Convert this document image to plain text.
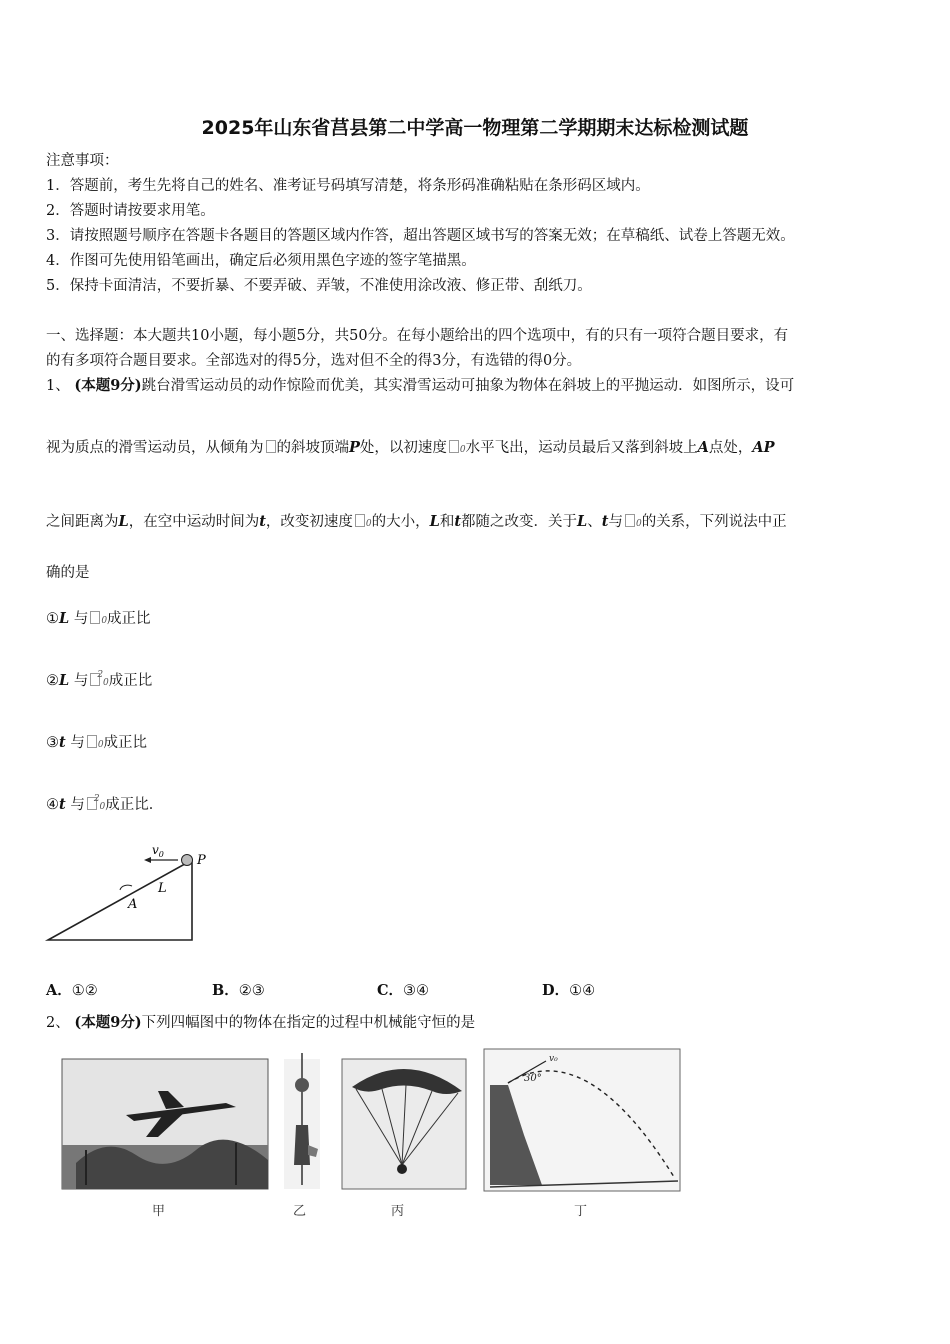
2025年山东省莒县第二中学高一物理第二学期期末达标检测试题
注意事项：
1．答题前，考生先将自己的姓名、准考证号码填写清楚，将条形码准确粘贴在条形码区域内。
2．答题时请按要求用笔。
3．请按照题号顺序在答题卡各题目的答题区域内作答，超出答题区域书写的答案无效；在草稿纸、试卷上答题无效。
4．作图可先使用铅笔画出，确定后必须用黑色字迹的签字笔描黑。
5．保持卡面清洁，不要折暴、不要弄破、弄皱，不准使用涂改液、修正带、刮纸刀。
一、选择题：本大题共10小题，每小题5分，共50分。在每小题给出的四个选项中，有的只有一项符合题目要求，有
的有多项符合题目要求。全部选对的得5分，选对但不全的得3分，有选错的得0分。
1、 (本题9分)跳台滑雪运动员的动作惊险而优美，其实滑雪运动可抽象为物体在斜坡上的平抛运动．如图所示，设可
视为质点的滑雪运动员，从倾角为 的斜坡顶端P处，以初速度 0水平飞出，运动员最后又落到斜坡上A点处，AP
之间距离为L，在空中运动时间为t，改变初速度 0的大小，L和t都随之改变．关于L、t与 0的关系，下列说法中正
确的是
①L 与 0成正比
②L 与 $^2$0成正比
③t 与 0成正比
④t 与 $^2$0成正比．
$v_0$	P
L
A
A．①②	B．②③	C．③④	D．①④
2、 (本题9分)下列四幅图中的物体在指定的过程中机械能守恒的是
30°
v₀
甲	乙	丙	丁
